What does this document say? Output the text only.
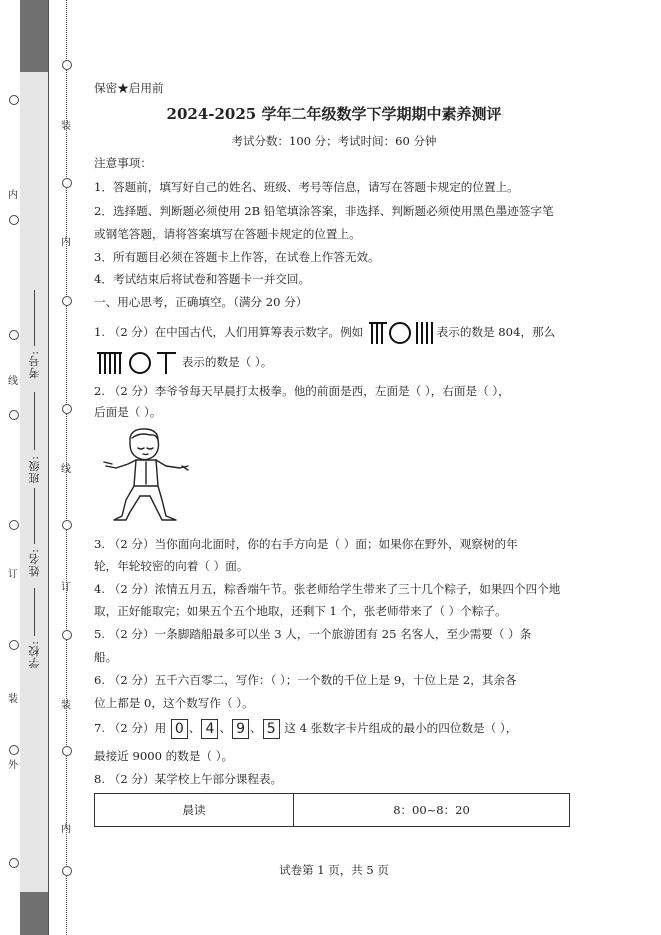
学校:
姓名:
班级:
考号:
装
内
线
订
装
内
内
线
订
装
外
保密★启用前
2024-2025 学年二年级数学下学期期中素养测评
考试分数：100 分；考试时间：60 分钟
注意事项：
1．答题前，填写好自己的姓名、班级、考号等信息，请写在答题卡规定的位置上。
2．选择题、判断题必须使用 2B 铅笔填涂答案，非选择、判断题必须使用黑色墨迹签字笔
或钢笔答题，请将答案填写在答题卡规定的位置上。
3．所有题目必须在答题卡上作答，在试卷上作答无效。
4．考试结束后将试卷和答题卡一并交回。
一、用心思考，正确填空。（满分 20 分）
1. （2 分）在中国古代，人们用算筹表示数字。例如	表示的数是 804，那么
表示的数是（ ）。
2. （2 分）李爷爷每天早晨打太极拳。他的前面是西，左面是（ ），右面是（ ），
后面是（ ）。
3. （2 分）当你面向北面时，你的右手方向是（ ）面；如果你在野外，观察树的年
轮，年轮较密的向着（ ）面。
4. （2 分）浓情五月五，粽香端午节。张老师给学生带来了三十几个粽子，如果四个四个地
取，正好能取完；如果五个五个地取，还剩下 1 个，张老师带来了（ ）个粽子。
5. （2 分）一条脚踏船最多可以坐 3 人，一个旅游团有 25 名客人，至少需要（ ）条
船。
6. （2 分）五千六百零二，写作：（ ）；一个数的千位上是 9，十位上是 2，其余各
位上都是 0，这个数写作（ ）。
7. （2 分）用 0 、 4 、 9 、 5 这 4 张数字卡片组成的最小的四位数是（ ），
最接近 9000 的数是（ ）。
8. （2 分）某学校上午部分课程表。
晨读	8：00~8：20
试卷第 1 页，共 5 页
